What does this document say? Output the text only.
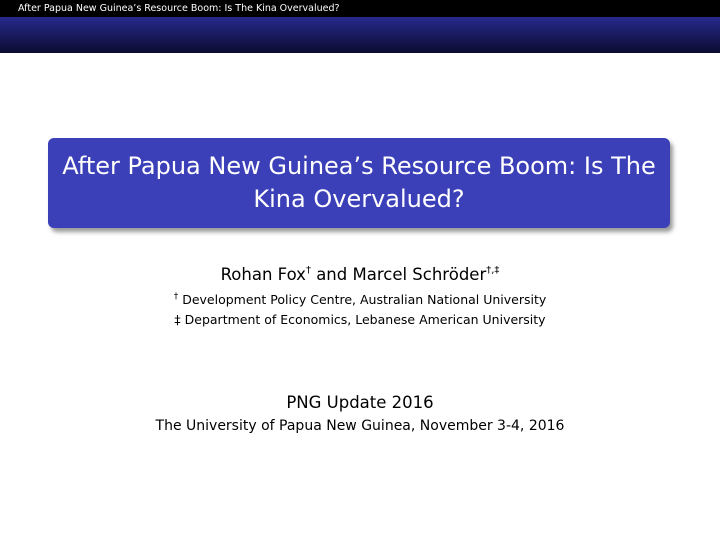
After Papua New Guinea’s Resource Boom: Is The Kina Overvalued?
After Papua New Guinea’s Resource Boom: Is The Kina Overvalued?
Rohan Fox† and Marcel Schröder†,‡
† Development Policy Centre, Australian National University
‡ Department of Economics, Lebanese American University
PNG Update 2016
The University of Papua New Guinea, November 3-4, 2016
